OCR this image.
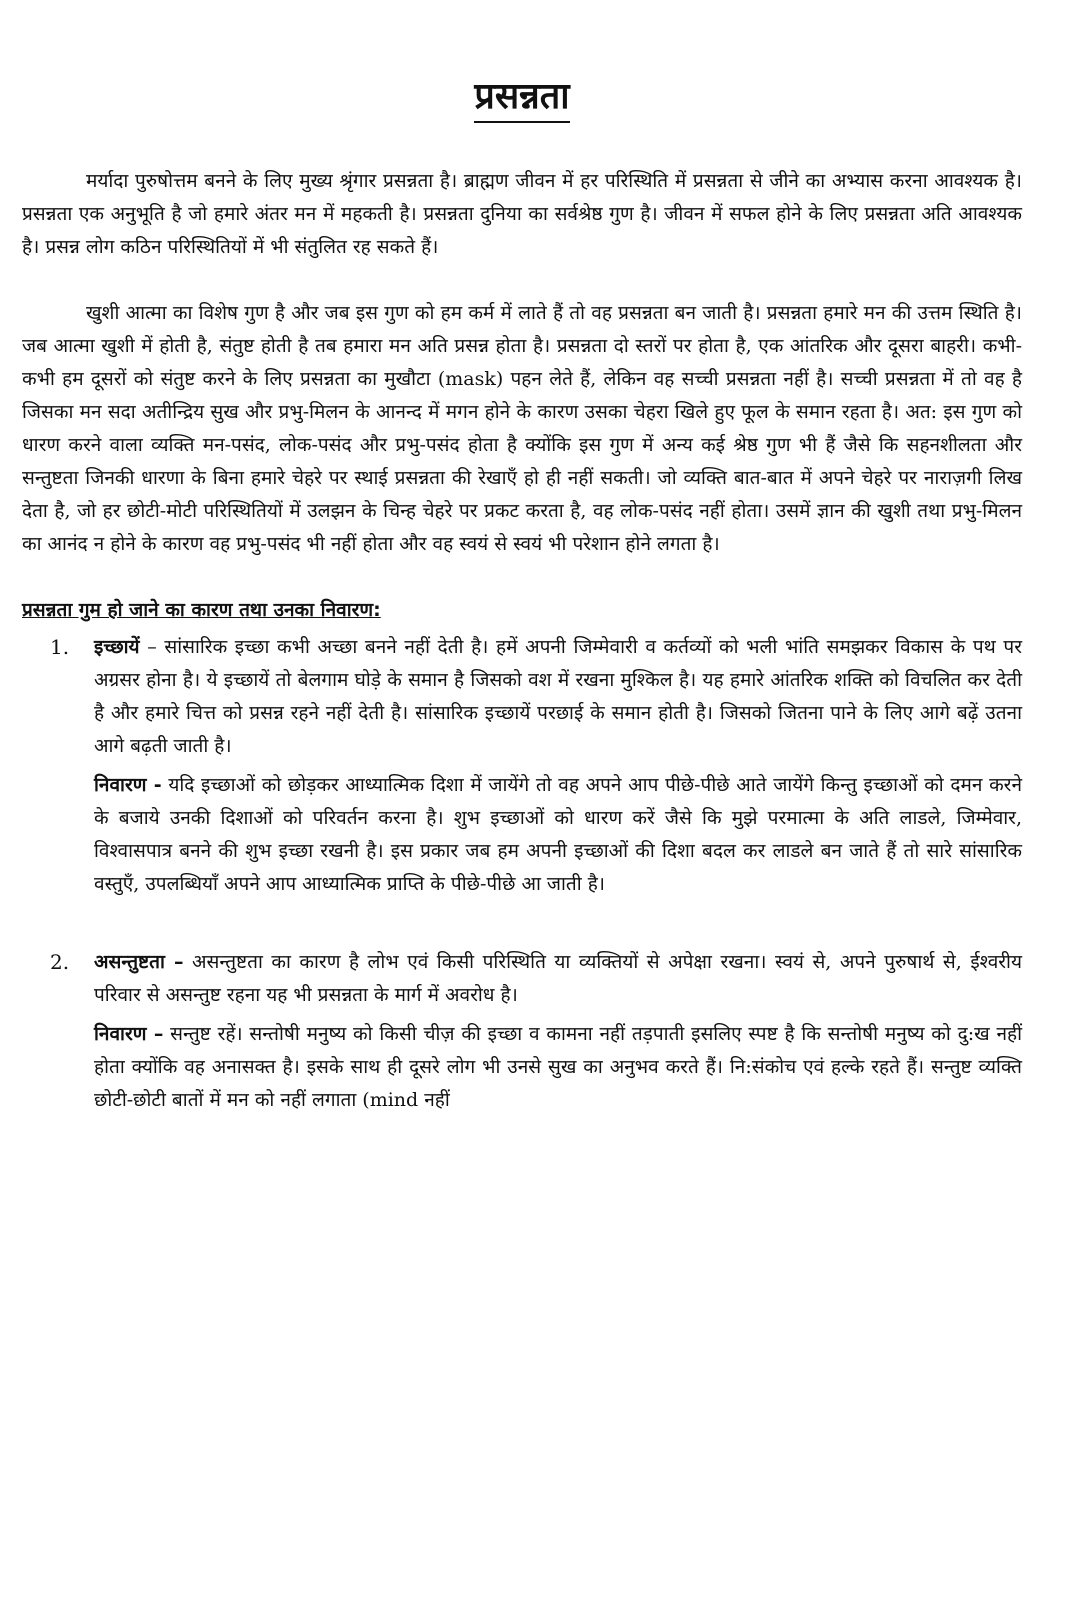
प्रसन्नता

मर्यादा पुरुषोत्तम बनने के लिए मुख्य श्रृंगार प्रसन्नता है। ब्राह्मण जीवन में हर परिस्थिति में प्रसन्नता से जीने का अभ्यास करना आवश्यक है। प्रसन्नता एक अनुभूति है जो हमारे अंतर मन में महकती है। प्रसन्नता दुनिया का सर्वश्रेष्ठ गुण है। जीवन में सफल होने के लिए प्रसन्नता अति आवश्यक है। प्रसन्न लोग कठिन परिस्थितियों में भी संतुलित रह सकते हैं।

खुशी आत्मा का विशेष गुण है और जब इस गुण को हम कर्म में लाते हैं तो वह प्रसन्नता बन जाती है। प्रसन्नता हमारे मन की उत्तम स्थिति है। जब आत्मा खुशी में होती है, संतुष्ट होती है तब हमारा मन अति प्रसन्न होता है। प्रसन्नता दो स्तरों पर होता है, एक आंतरिक और दूसरा बाहरी। कभी-कभी हम दूसरों को संतुष्ट करने के लिए प्रसन्नता का मुखौटा (mask) पहन लेते हैं, लेकिन वह सच्ची प्रसन्नता नहीं है। सच्ची प्रसन्नता में तो वह है जिसका मन सदा अतीन्द्रिय सुख और प्रभु-मिलन के आनन्द में मगन होने के कारण उसका चेहरा खिले हुए फूल के समान रहता है। अत: इस गुण को धारण करने वाला व्यक्ति मन-पसंद, लोक-पसंद और प्रभु-पसंद होता है क्योंकि इस गुण में अन्य कई श्रेष्ठ गुण भी हैं जैसे कि सहनशीलता और सन्तुष्टता जिनकी धारणा के बिना हमारे चेहरे पर स्थाई प्रसन्नता की रेखाएँ हो ही नहीं सकती। जो व्यक्ति बात-बात में अपने चेहरे पर नाराज़गी लिख देता है, जो हर छोटी-मोटी परिस्थितियों में उलझन के चिन्ह चेहरे पर प्रकट करता है, वह लोक-पसंद नहीं होता। उसमें ज्ञान की खुशी तथा प्रभु-मिलन का आनंद न होने के कारण वह प्रभु-पसंद भी नहीं होता और वह स्वयं से स्वयं भी परेशान होने लगता है।

प्रसन्नता गुम हो जाने का कारण तथा उनका निवारण:
1. इच्छायें – सांसारिक इच्छा कभी अच्छा बनने नहीं देती है। हमें अपनी जिम्मेवारी व कर्तव्यों को भली भांति समझकर विकास के पथ पर अग्रसर होना है। ये इच्छायें तो बेलगाम घोड़े के समान है जिसको वश में रखना मुश्किल है। यह हमारे आंतरिक शक्ति को विचलित कर देती है और हमारे चित्त को प्रसन्न रहने नहीं देती है। सांसारिक इच्छायें परछाई के समान होती है। जिसको जितना पाने के लिए आगे बढ़ें उतना आगे बढ़ती जाती है।

निवारण - यदि इच्छाओं को छोड़कर आध्यात्मिक दिशा में जायेंगे तो वह अपने आप पीछे-पीछे आते जायेंगे किन्तु इच्छाओं को दमन करने के बजाये उनकी दिशाओं को परिवर्तन करना है। शुभ इच्छाओं को धारण करें जैसे कि मुझे परमात्मा के अति लाडले, जिम्मेवार, विश्वासपात्र बनने की शुभ इच्छा रखनी है। इस प्रकार जब हम अपनी इच्छाओं की दिशा बदल कर लाडले बन जाते हैं तो सारे सांसारिक वस्तुएँ, उपलब्धियाँ अपने आप आध्यात्मिक प्राप्ति के पीछे-पीछे आ जाती है।

2. असन्तुष्टता – असन्तुष्टता का कारण है लोभ एवं किसी परिस्थिति या व्यक्तियों से अपेक्षा रखना। स्वयं से, अपने पुरुषार्थ से, ईश्वरीय परिवार से असन्तुष्ट रहना यह भी प्रसन्नता के मार्ग में अवरोध है।

निवारण – सन्तुष्ट रहें। सन्तोषी मनुष्य को किसी चीज़ की इच्छा व कामना नहीं तड़पाती इसलिए स्पष्ट है कि सन्तोषी मनुष्य को दु:ख नहीं होता क्योंकि वह अनासक्त है। इसके साथ ही दूसरे लोग भी उनसे सुख का अनुभव करते हैं। नि:संकोच एवं हल्के रहते हैं। सन्तुष्ट व्यक्ति छोटी-छोटी बातों में मन को नहीं लगाता (mind नहीं
